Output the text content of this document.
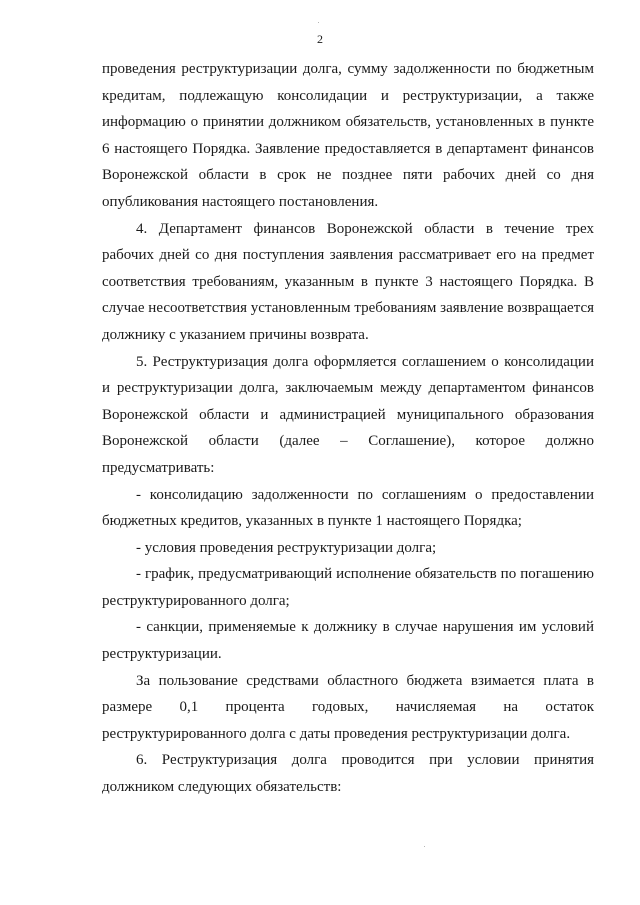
2

проведения реструктуризации долга, сумму задолженности по бюджетным кредитам, подлежащую консолидации и реструктуризации, а также информацию о принятии должником обязательств, установленных в пункте 6 настоящего Порядка. Заявление предоставляется в департамент финансов Воронежской области в срок не позднее пяти рабочих дней со дня опубликования настоящего постановления.

4. Департамент финансов Воронежской области в течение трех рабочих дней со дня поступления заявления рассматривает его на предмет соответствия требованиям, указанным в пункте 3 настоящего Порядка. В случае несоответствия установленным требованиям заявление возвращается должнику с указанием причины возврата.

5. Реструктуризация долга оформляется соглашением о консолидации и реструктуризации долга, заключаемым между департаментом финансов Воронежской области и администрацией муниципального образования Воронежской области (далее – Соглашение), которое должно предусматривать:

- консолидацию задолженности по соглашениям о предоставлении бюджетных кредитов, указанных в пункте 1 настоящего Порядка;

- условия проведения реструктуризации долга;

- график, предусматривающий исполнение обязательств по погашению реструктурированного долга;

- санкции, применяемые к должнику в случае нарушения им условий реструктуризации.

За пользование средствами областного бюджета взимается плата в размере 0,1 процента годовых, начисляемая на остаток реструктурированного долга с даты проведения реструктуризации долга.

6. Реструктуризация долга проводится при условии принятия должником следующих обязательств:
